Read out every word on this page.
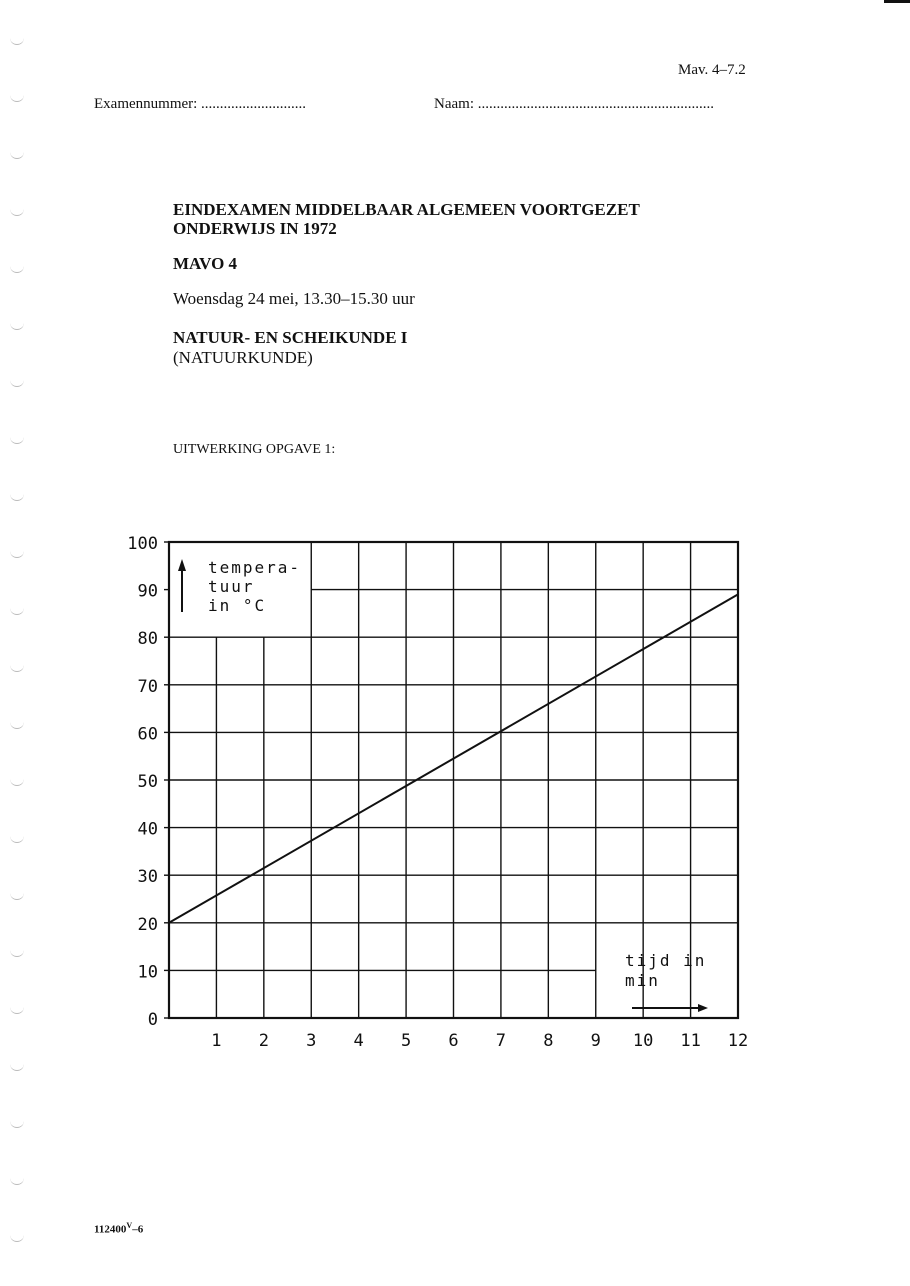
Mav. 4–7.2
Examennummer: ............................	Naam: ...............................................................
EINDEXAMEN MIDDELBAAR ALGEMEEN VOORTGEZET ONDERWIJS IN 1972
MAVO 4
Woensdag 24 mei, 13.30–15.30 uur
NATUUR- EN SCHEIKUNDE I
(NATUURKUNDE)
UITWERKING OPGAVE 1:
0
10
20
30
40
50
60
70
80
90
100
1 2 3 4 5 6 7 8 9 10 11 12
tempera-
tuur
in °C
tijd in
min
$112400^V-6$
